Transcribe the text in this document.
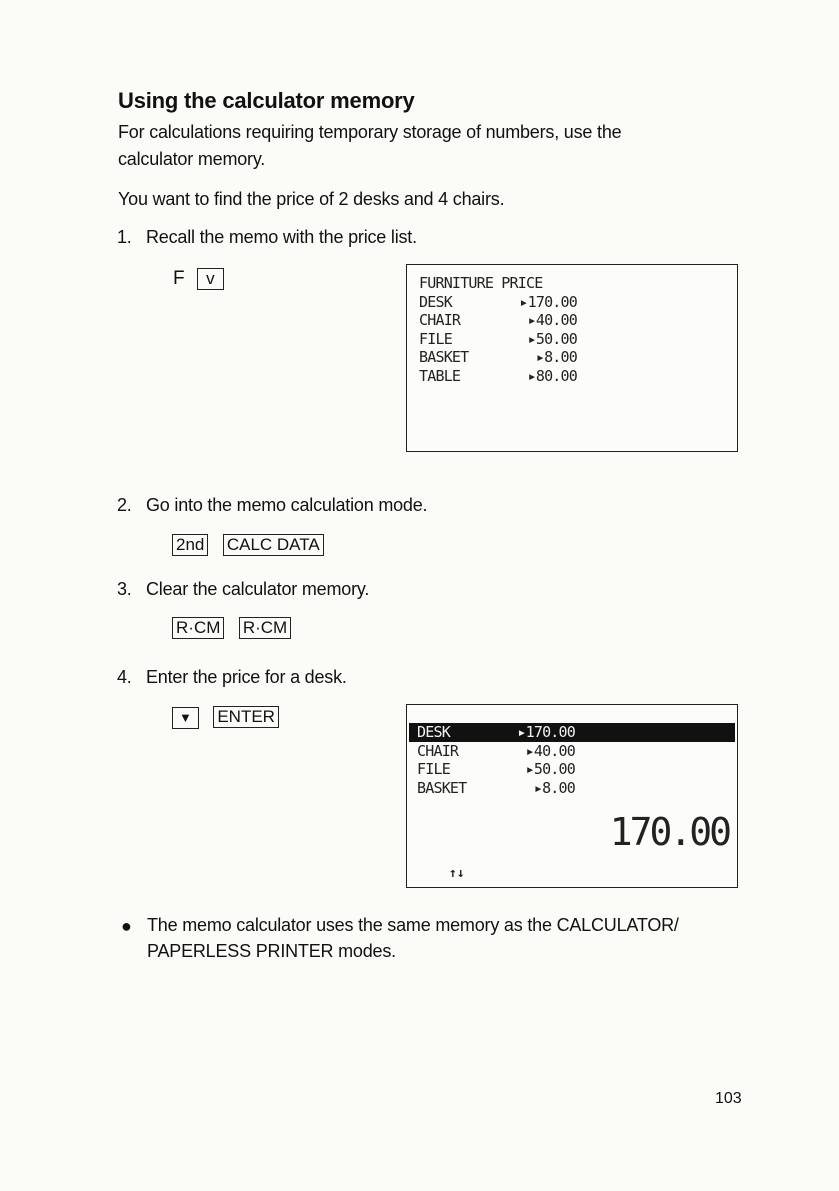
Using the calculator memory
For calculations requiring temporary storage of numbers, use the
calculator memory.
You want to find the price of 2 desks and 4 chairs.
1. Recall the memo with the price list.
F v	FURNITURE PRICE
DESK	▸170.00
CHAIR	▸40.00
FILE	▸50.00
BASKET	▸8.00
TABLE	▸80.00
2. Go into the memo calculation mode.
2nd CALC DATA
3. Clear the calculator memory.
R·CM R·CM
4. Enter the price for a desk.
▼ ENTER
DESK	▸170.00
CHAIR	▸40.00
FILE	▸50.00
BASKET	▸8.00
170.00
↑↓
● The memo calculator uses the same memory as the CALCULATOR/
PAPERLESS PRINTER modes.
103
